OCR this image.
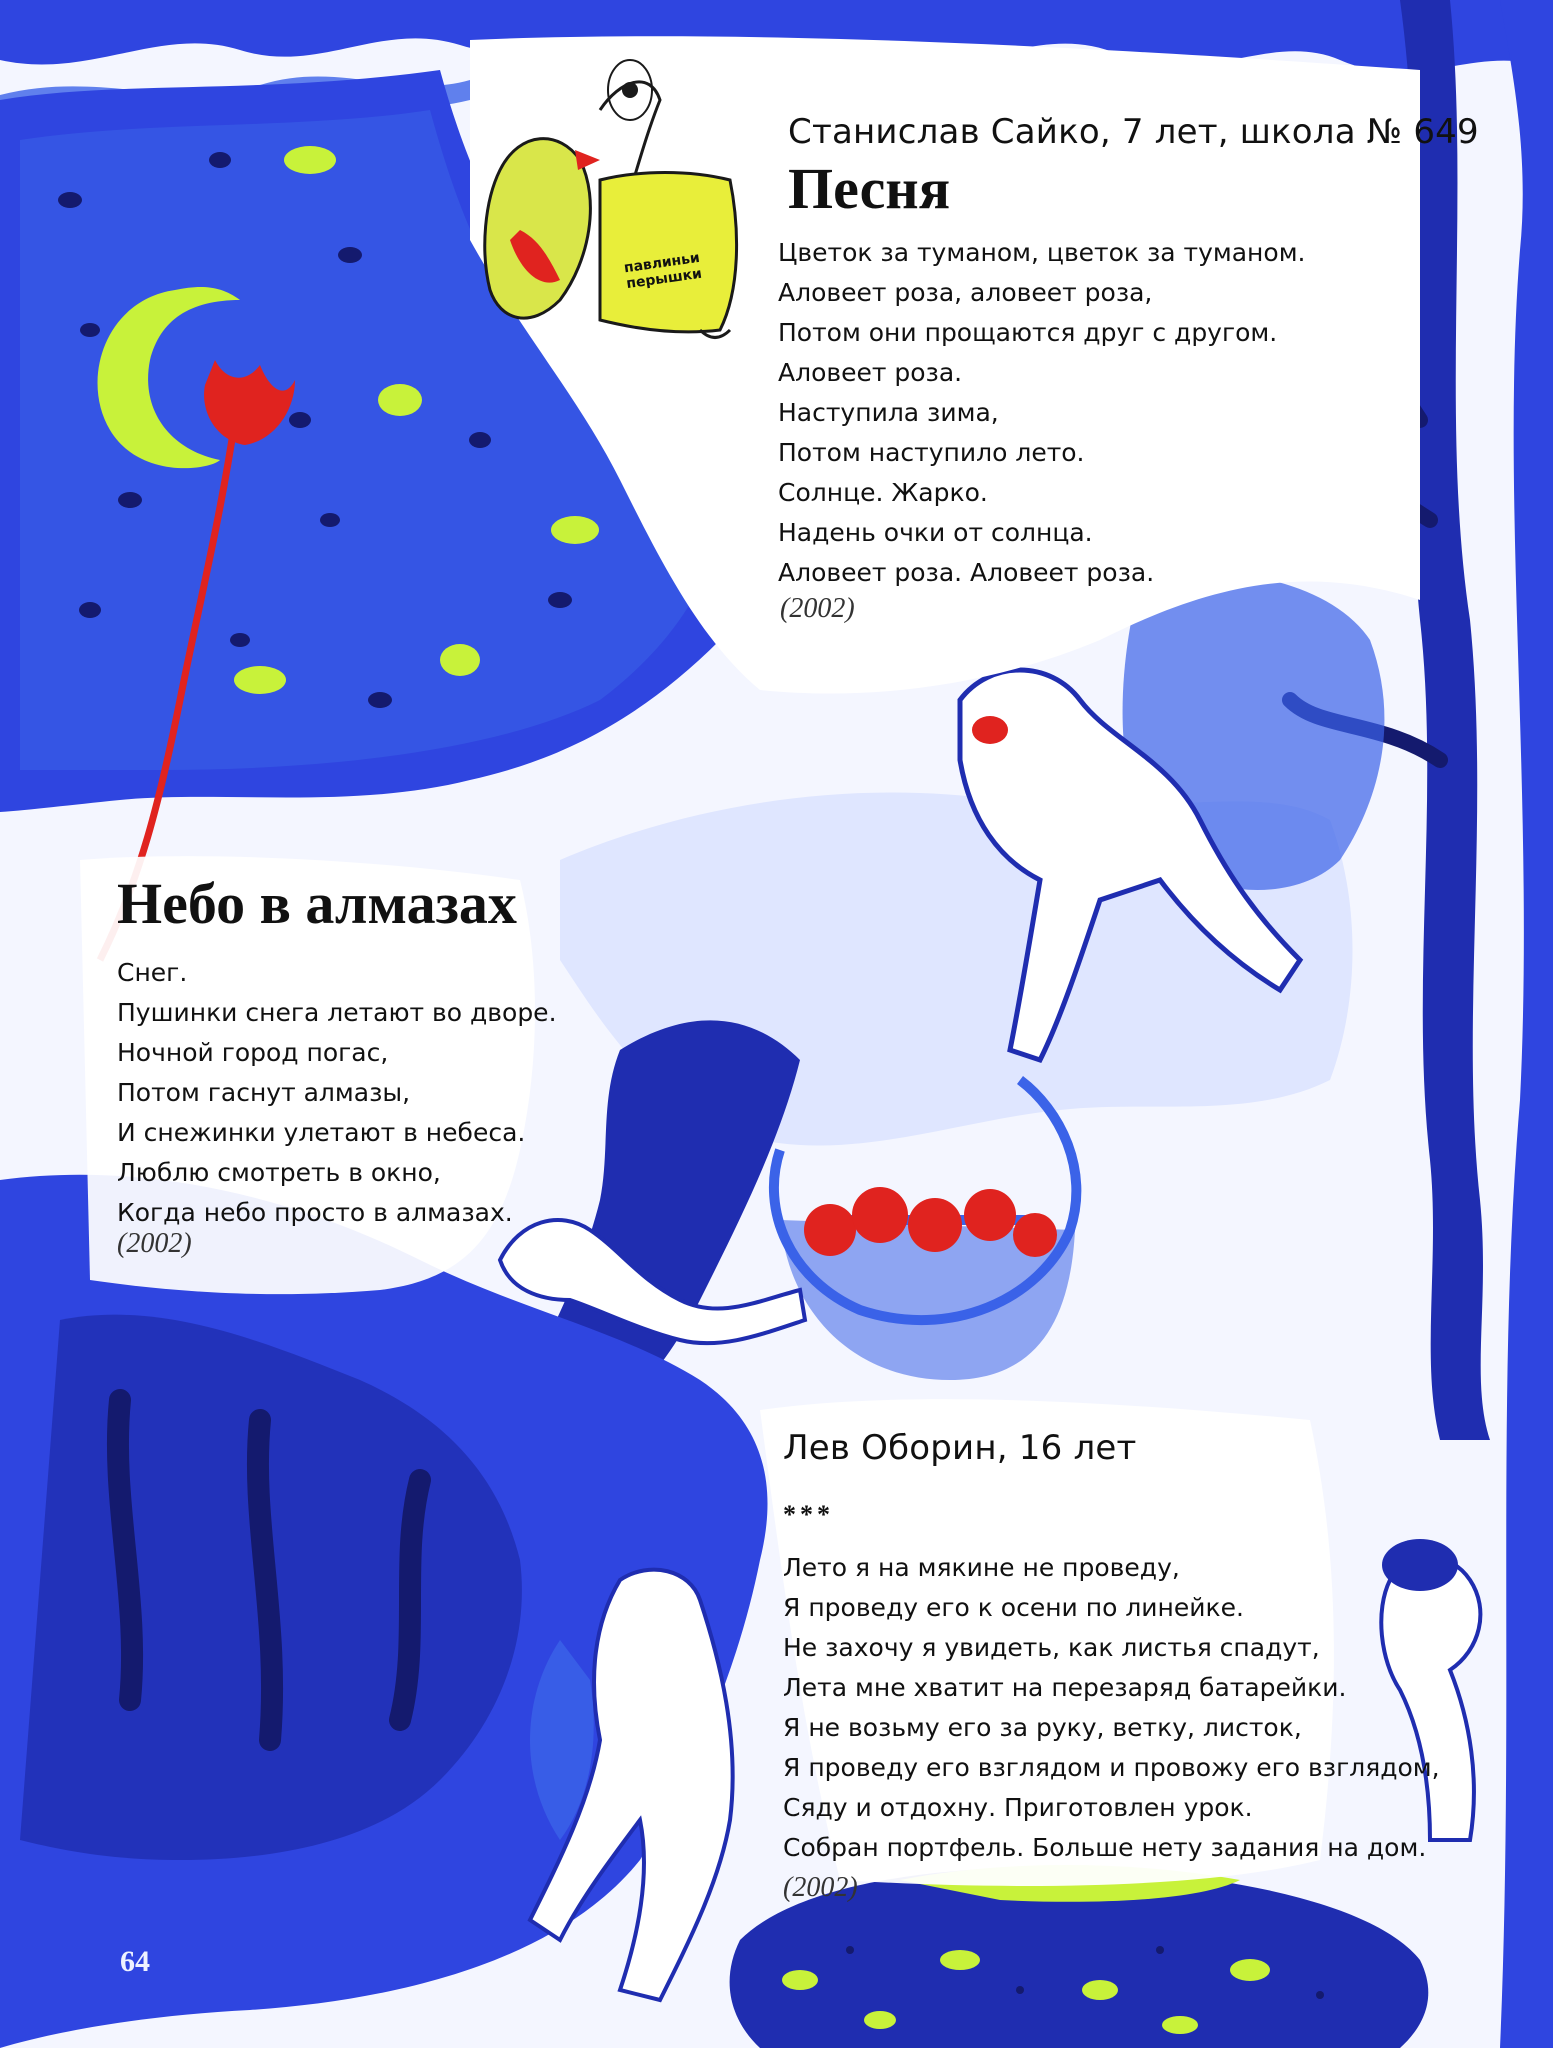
павлиньи перышки
Станислав Сайко, 7 лет, школа № 649
Песня
Цветок за туманом, цветок за туманом.
Аловеет роза, аловеет роза,
Потом они прощаются друг с другом.
Аловеет роза.
Наступила зима,
Потом наступило лето.
Солнце. Жарко.
Надень очки от солнца.
Аловеет роза. Аловеет роза.
(2002)
Небо в алмазах
Снег.
Пушинки снега летают во дворе.
Ночной город погас,
Потом гаснут алмазы,
И снежинки улетают в небеса.
Люблю смотреть в окно,
Когда небо просто в алмазах.
(2002)
Лев Оборин, 16 лет
***
Лето я на мякине не проведу,
Я проведу его к осени по линейке.
Не захочу я увидеть, как листья спадут,
Лета мне хватит на перезаряд батарейки.
Я не возьму его за руку, ветку, листок,
Я проведу его взглядом и провожу его взглядом,
Сяду и отдохну. Приготовлен урок.
Собран портфель. Больше нету задания на дом.
(2002)
64
